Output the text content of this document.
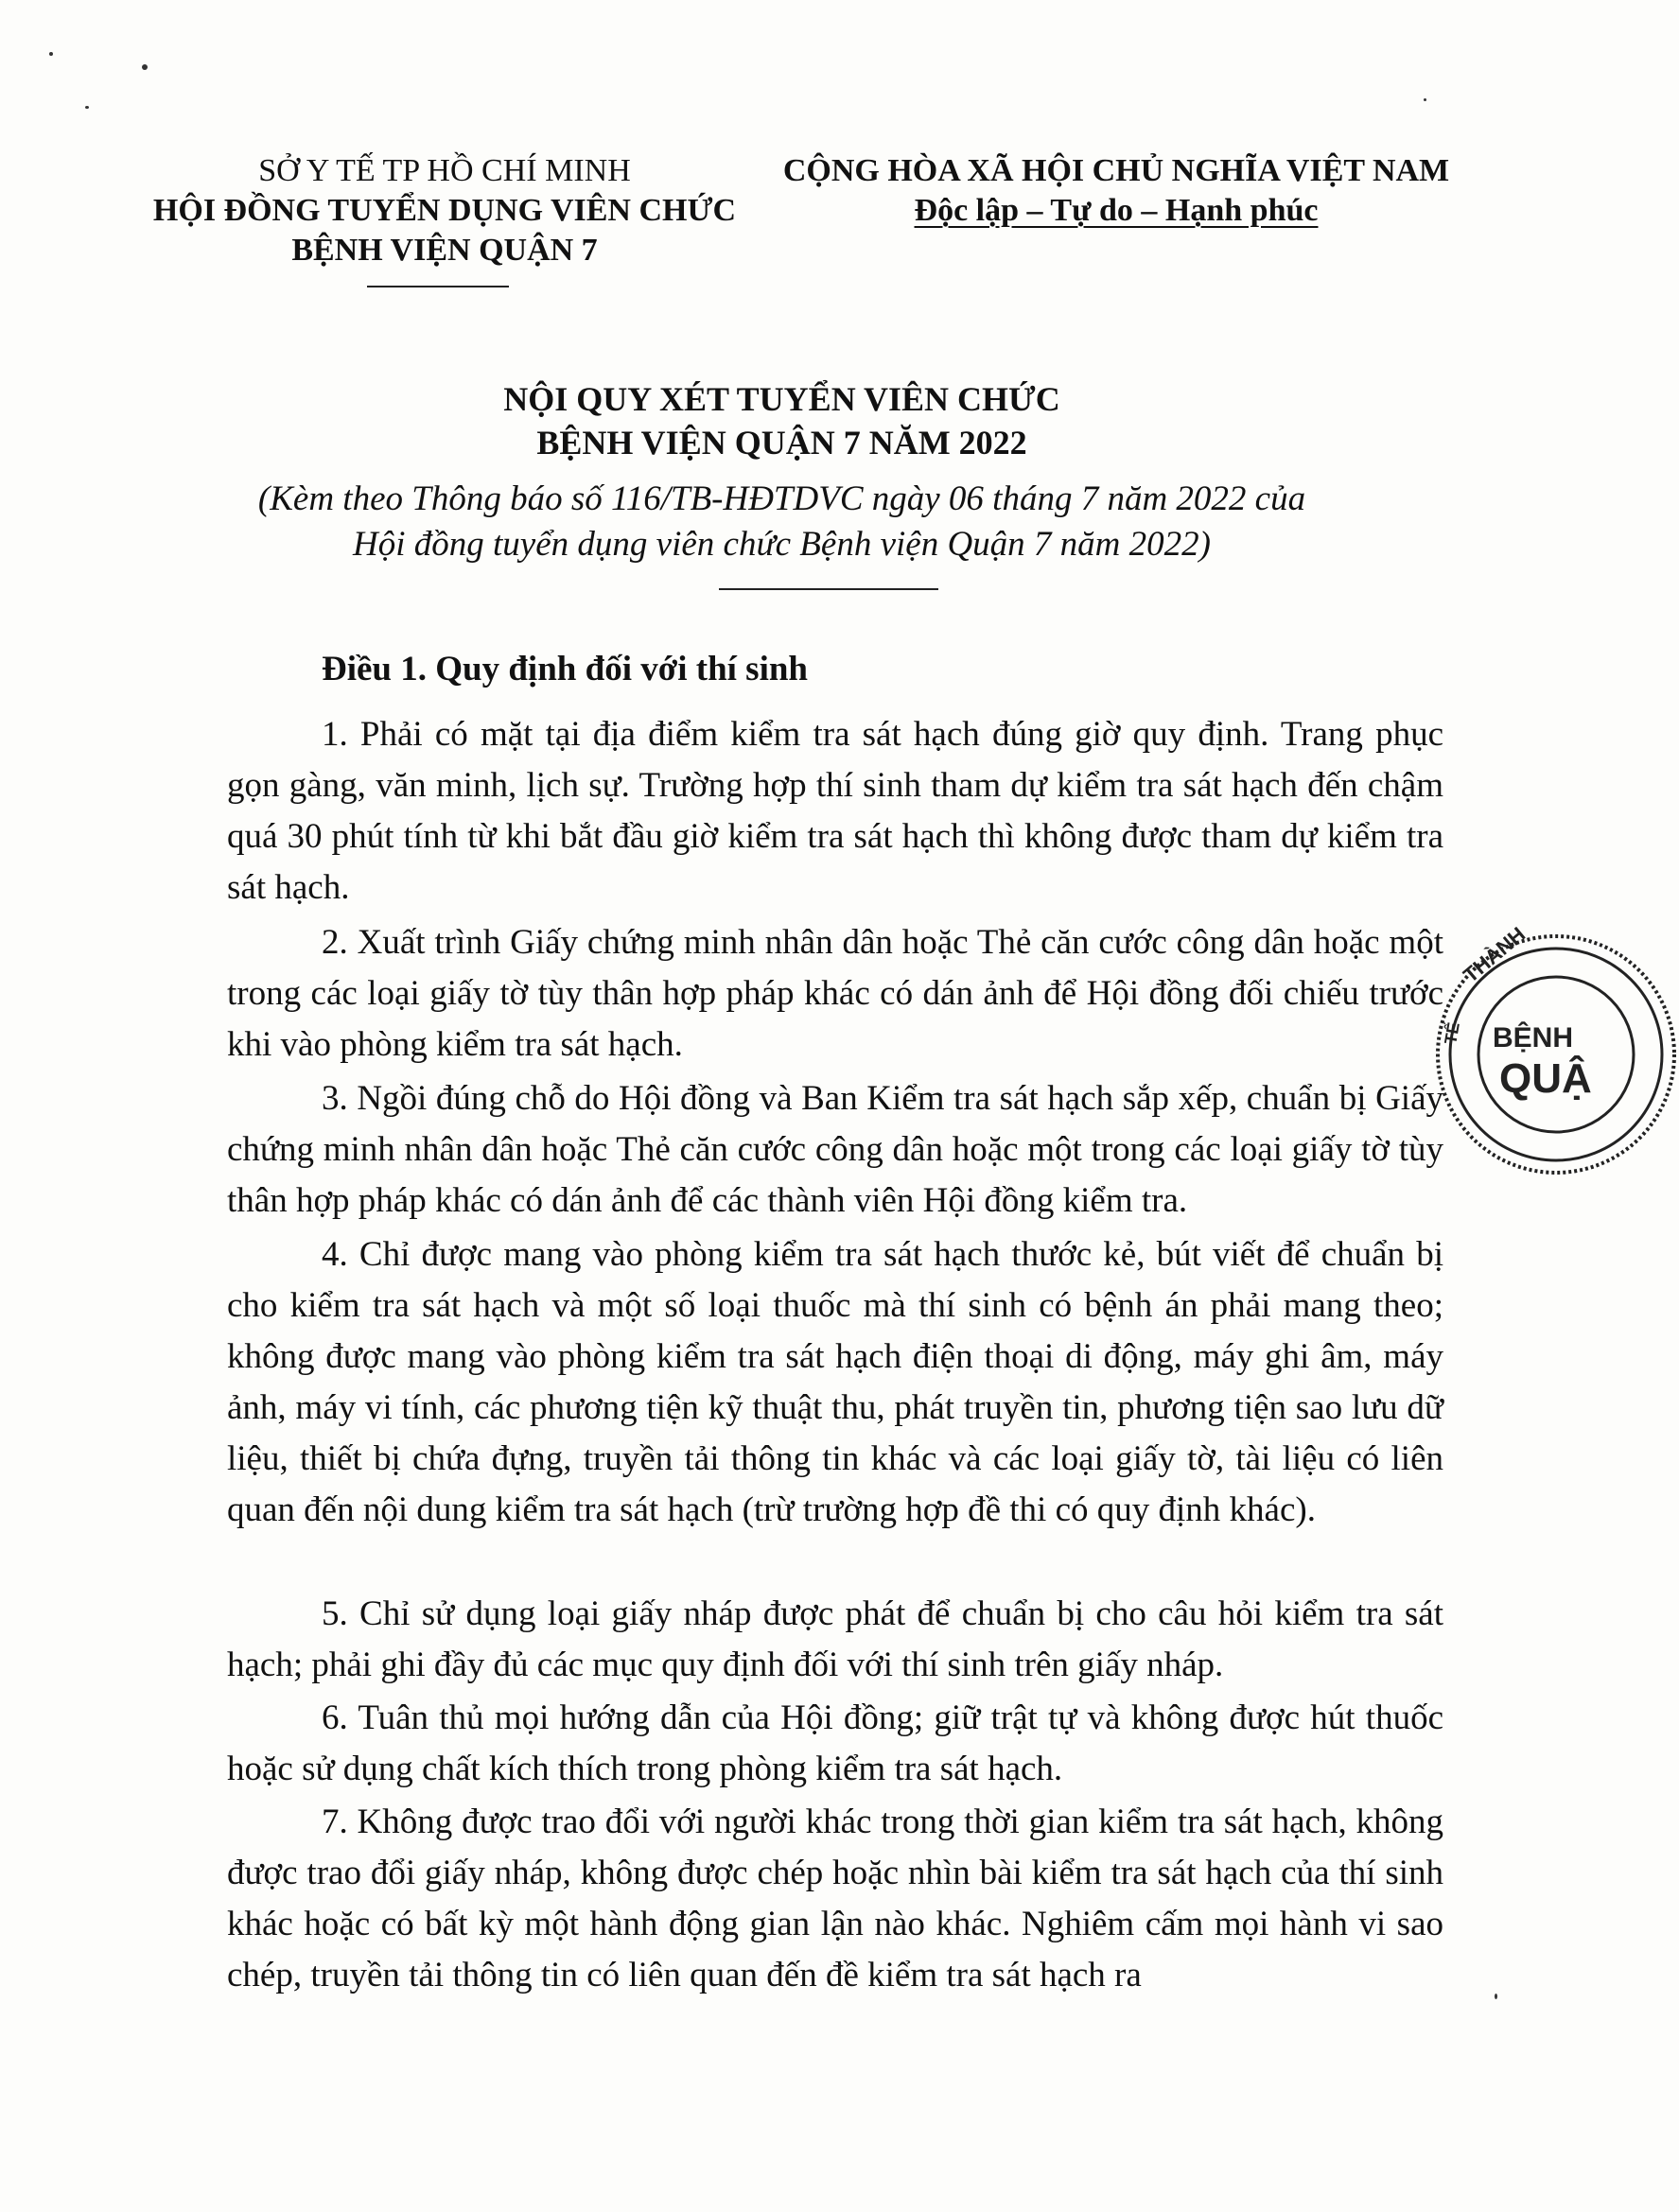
SỞ Y TẾ TP HỒ CHÍ MINH
HỘI ĐỒNG TUYỂN DỤNG VIÊN CHỨC
BỆNH VIỆN QUẬN 7
CỘNG HÒA XÃ HỘI CHỦ NGHĨA VIỆT NAM
Độc lập – Tự do – Hạnh phúc
NỘI QUY XÉT TUYỂN VIÊN CHỨC
BỆNH VIỆN QUẬN 7 NĂM 2022
(Kèm theo Thông báo số 116/TB-HĐTDVC ngày 06 tháng 7 năm 2022 của
Hội đồng tuyển dụng viên chức Bệnh viện Quận 7 năm 2022)
Điều 1. Quy định đối với thí sinh
1. Phải có mặt tại địa điểm kiểm tra sát hạch đúng giờ quy định. Trang phục gọn gàng, văn minh, lịch sự. Trường hợp thí sinh tham dự kiểm tra sát hạch đến chậm quá 30 phút tính từ khi bắt đầu giờ kiểm tra sát hạch thì không được tham dự kiểm tra sát hạch.
2. Xuất trình Giấy chứng minh nhân dân hoặc Thẻ căn cước công dân hoặc một trong các loại giấy tờ tùy thân hợp pháp khác có dán ảnh để Hội đồng đối chiếu trước khi vào phòng kiểm tra sát hạch.
3. Ngồi đúng chỗ do Hội đồng và Ban Kiểm tra sát hạch sắp xếp, chuẩn bị Giấy chứng minh nhân dân hoặc Thẻ căn cước công dân hoặc một trong các loại giấy tờ tùy thân hợp pháp khác có dán ảnh để các thành viên Hội đồng kiểm tra.
4. Chỉ được mang vào phòng kiểm tra sát hạch thước kẻ, bút viết để chuẩn bị cho kiểm tra sát hạch và một số loại thuốc mà thí sinh có bệnh án phải mang theo; không được mang vào phòng kiểm tra sát hạch điện thoại di động, máy ghi âm, máy ảnh, máy vi tính, các phương tiện kỹ thuật thu, phát truyền tin, phương tiện sao lưu dữ liệu, thiết bị chứa đựng, truyền tải thông tin khác và các loại giấy tờ, tài liệu có liên quan đến nội dung kiểm tra sát hạch (trừ trường hợp đề thi có quy định khác).
5. Chỉ sử dụng loại giấy nháp được phát để chuẩn bị cho câu hỏi kiểm tra sát hạch; phải ghi đầy đủ các mục quy định đối với thí sinh trên giấy nháp.
6. Tuân thủ mọi hướng dẫn của Hội đồng; giữ trật tự và không được hút thuốc hoặc sử dụng chất kích thích trong phòng kiểm tra sát hạch.
7. Không được trao đổi với người khác trong thời gian kiểm tra sát hạch, không được trao đổi giấy nháp, không được chép hoặc nhìn bài kiểm tra sát hạch của thí sinh khác hoặc có bất kỳ một hành động gian lận nào khác. Nghiêm cấm mọi hành vi sao chép, truyền tải thông tin có liên quan đến đề kiểm tra sát hạch ra
THÀNH
TẾ BỆNH
QUẬ
